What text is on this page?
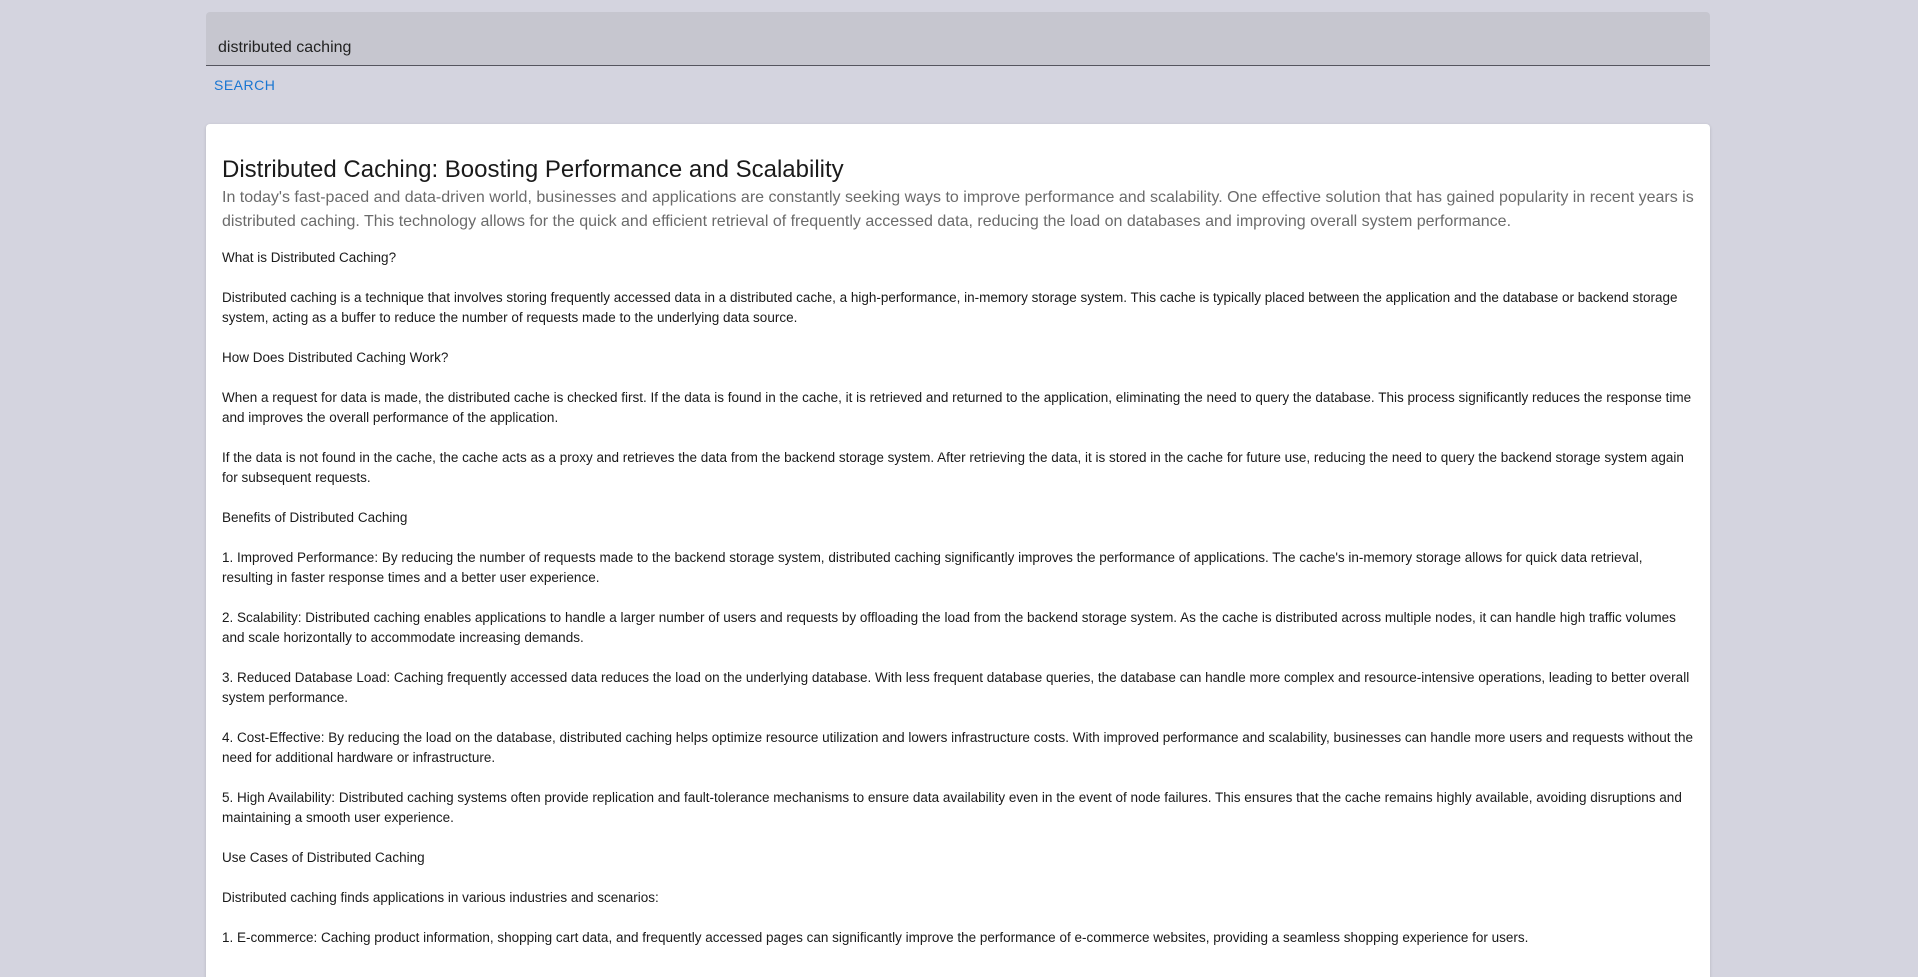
distributed caching
SEARCH
Distributed Caching: Boosting Performance and Scalability

In today's fast-paced and data-driven world, businesses and applications are constantly seeking ways to improve performance and scalability. One effective solution that has gained popularity in recent years is distributed caching. This technology allows for the quick and efficient retrieval of frequently accessed data, reducing the load on databases and improving overall system performance.

What is Distributed Caching?

Distributed caching is a technique that involves storing frequently accessed data in a distributed cache, a high-performance, in-memory storage system. This cache is typically placed between the application and the database or backend storage system, acting as a buffer to reduce the number of requests made to the underlying data source.

How Does Distributed Caching Work?

When a request for data is made, the distributed cache is checked first. If the data is found in the cache, it is retrieved and returned to the application, eliminating the need to query the database. This process significantly reduces the response time and improves the overall performance of the application.

If the data is not found in the cache, the cache acts as a proxy and retrieves the data from the backend storage system. After retrieving the data, it is stored in the cache for future use, reducing the need to query the backend storage system again for subsequent requests.

Benefits of Distributed Caching

1. Improved Performance: By reducing the number of requests made to the backend storage system, distributed caching significantly improves the performance of applications. The cache's in-memory storage allows for quick data retrieval, resulting in faster response times and a better user experience.

2. Scalability: Distributed caching enables applications to handle a larger number of users and requests by offloading the load from the backend storage system. As the cache is distributed across multiple nodes, it can handle high traffic volumes and scale horizontally to accommodate increasing demands.

3. Reduced Database Load: Caching frequently accessed data reduces the load on the underlying database. With less frequent database queries, the database can handle more complex and resource-intensive operations, leading to better overall system performance.

4. Cost-Effective: By reducing the load on the database, distributed caching helps optimize resource utilization and lowers infrastructure costs. With improved performance and scalability, businesses can handle more users and requests without the need for additional hardware or infrastructure.

5. High Availability: Distributed caching systems often provide replication and fault-tolerance mechanisms to ensure data availability even in the event of node failures. This ensures that the cache remains highly available, avoiding disruptions and maintaining a smooth user experience.

Use Cases of Distributed Caching

Distributed caching finds applications in various industries and scenarios:

1. E-commerce: Caching product information, shopping cart data, and frequently accessed pages can significantly improve the performance of e-commerce websites, providing a seamless shopping experience for users.
